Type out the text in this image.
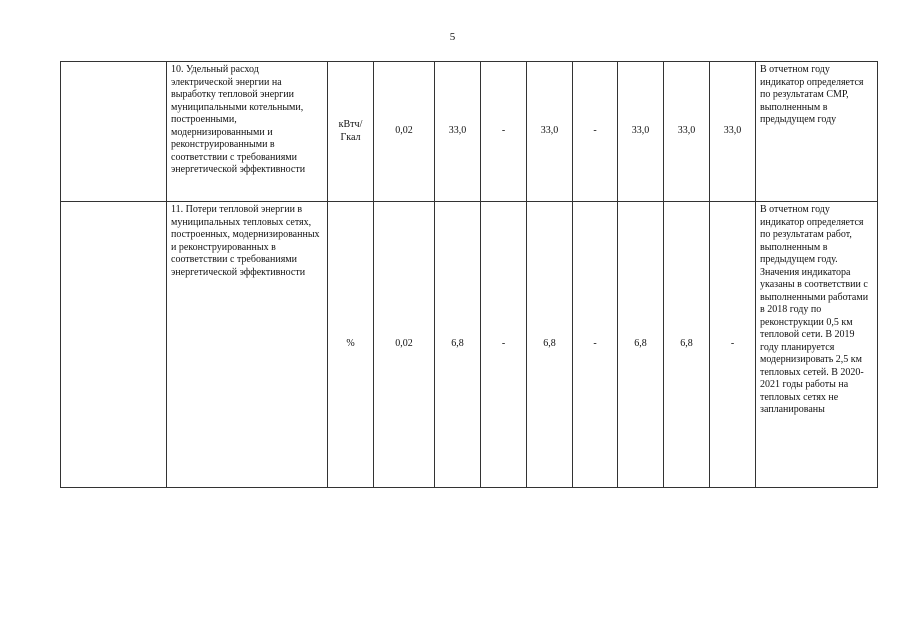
5
	10. Удельный расход электрической энергии на выработку тепловой энергии муниципальными котельными, построенными, модернизированными и реконструированными в соответствии с требованиями энергетической эффективности	кВтч/ Гкал	0,02	33,0	-	33,0	-	33,0	33,0	33,0	В отчетном году индикатор определяется по результатам СМР, выполненным в предыдущем году
	11. Потери тепловой энергии в муниципальных тепловых сетях, построенных, модернизированных и реконструированных в соответствии с требованиями энергетической эффективности	%	0,02	6,8	-	6,8	-	6,8	6,8	-	В отчетном году индикатор определяется по результатам работ, выполненным в предыдущем году. Значения индикатора указаны в соответствии с выполненными работами в 2018 году по реконструкции 0,5 км тепловой сети. В 2019 году планируется модернизировать 2,5 км тепловых сетей. В 2020-2021 годы работы на тепловых сетях не запланированы
